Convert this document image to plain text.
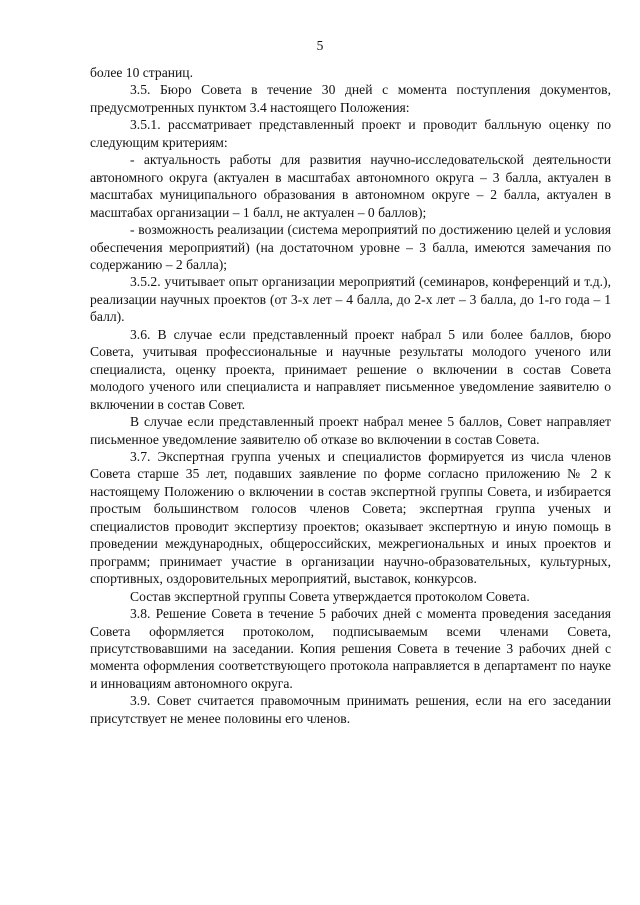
5

более 10 страниц.

3.5. Бюро Совета в течение 30 дней с момента поступления документов, предусмотренных пунктом 3.4 настоящего Положения:

3.5.1. рассматривает представленный проект и проводит балльную оценку по следующим критериям:

- актуальность работы для развития научно-исследовательской деятельности автономного округа (актуален в масштабах автономного округа – 3 балла, актуален в масштабах муниципального образования в автономном округе – 2 балла, актуален в масштабах организации – 1 балл, не актуален – 0 баллов);

- возможность реализации (система мероприятий по достижению целей и условия обеспечения мероприятий) (на достаточном уровне – 3 балла, имеются замечания по содержанию – 2 балла);

3.5.2. учитывает опыт организации мероприятий (семинаров, конференций и т.д.), реализации научных проектов (от 3-х лет – 4 балла, до 2-х лет – 3 балла, до 1-го года – 1 балл).

3.6. В случае если представленный проект набрал 5 или более баллов, бюро Совета, учитывая профессиональные и научные результаты молодого ученого или специалиста, оценку проекта, принимает решение о включении в состав Совета молодого ученого или специалиста и направляет письменное уведомление заявителю о включении в состав Совет.

В случае если представленный проект набрал менее 5 баллов, Совет направляет письменное уведомление заявителю об отказе во включении в состав Совета.

3.7. Экспертная группа ученых и специалистов формируется из числа членов Совета старше 35 лет, подавших заявление по форме согласно приложению № 2 к настоящему Положению о включении в состав экспертной группы Совета, и избирается простым большинством голосов членов Совета; экспертная группа ученых и специалистов проводит экспертизу проектов; оказывает экспертную и иную помощь в проведении международных, общероссийских, межрегиональных и иных проектов и программ; принимает участие в организации научно-образовательных, культурных, спортивных, оздоровительных мероприятий, выставок, конкурсов.

Состав экспертной группы Совета утверждается протоколом Совета.

3.8. Решение Совета в течение 5 рабочих дней с момента проведения заседания Совета оформляется протоколом, подписываемым всеми членами Совета, присутствовавшими на заседании. Копия решения Совета в течение 3 рабочих дней с момента оформления соответствующего протокола направляется в департамент по науке и инновациям автономного округа.

3.9. Совет считается правомочным принимать решения, если на его заседании присутствует не менее половины его членов.
